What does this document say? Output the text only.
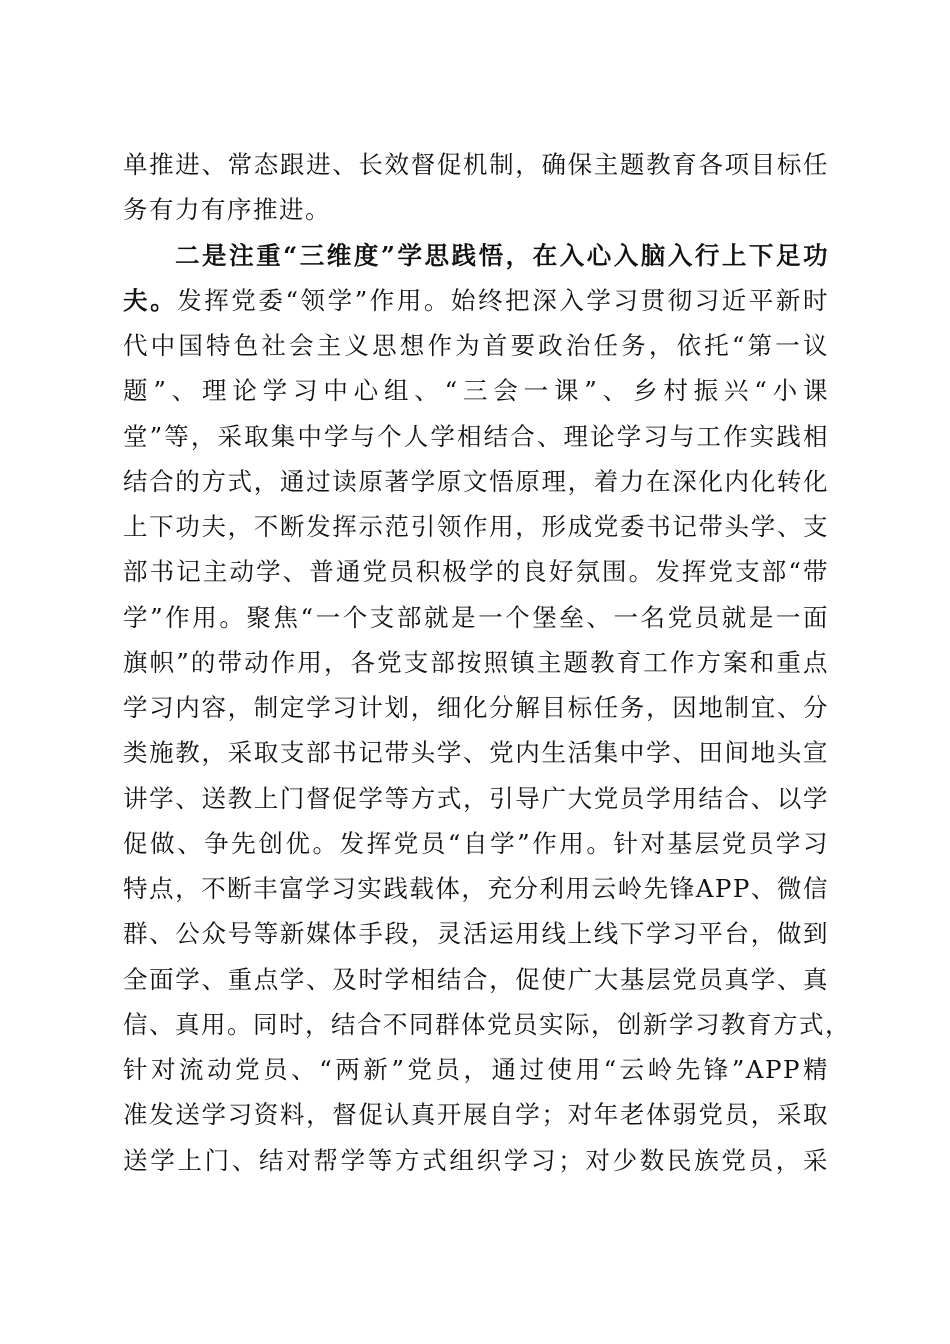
单推进、常态跟进、长效督促机制，确保主题教育各项目标任
务有力有序推进。
二是注重“三维度”学思践悟，在入心入脑入行上下足功
夫。发挥党委“领学”作用。始终把深入学习贯彻习近平新时
代中国特色社会主义思想作为首要政治任务，依托“第一议
题”、理论学习中心组、“三会一课”、乡村振兴“小课
堂”等，采取集中学与个人学相结合、理论学习与工作实践相
结合的方式，通过读原著学原文悟原理，着力在深化内化转化
上下功夫，不断发挥示范引领作用，形成党委书记带头学、支
部书记主动学、普通党员积极学的良好氛围。发挥党支部“带
学”作用。聚焦“一个支部就是一个堡垒、一名党员就是一面
旗帜”的带动作用，各党支部按照镇主题教育工作方案和重点
学习内容，制定学习计划，细化分解目标任务，因地制宜、分
类施教，采取支部书记带头学、党内生活集中学、田间地头宣
讲学、送教上门督促学等方式，引导广大党员学用结合、以学
促做、争先创优。发挥党员“自学”作用。针对基层党员学习
特点，不断丰富学习实践载体，充分利用云岭先锋APP、微信
群、公众号等新媒体手段，灵活运用线上线下学习平台，做到
全面学、重点学、及时学相结合，促使广大基层党员真学、真
信、真用。同时，结合不同群体党员实际，创新学习教育方式，
针对流动党员、“两新”党员，通过使用“云岭先锋”APP精
准发送学习资料，督促认真开展自学；对年老体弱党员，采取
送学上门、结对帮学等方式组织学习；对少数民族党员，采
